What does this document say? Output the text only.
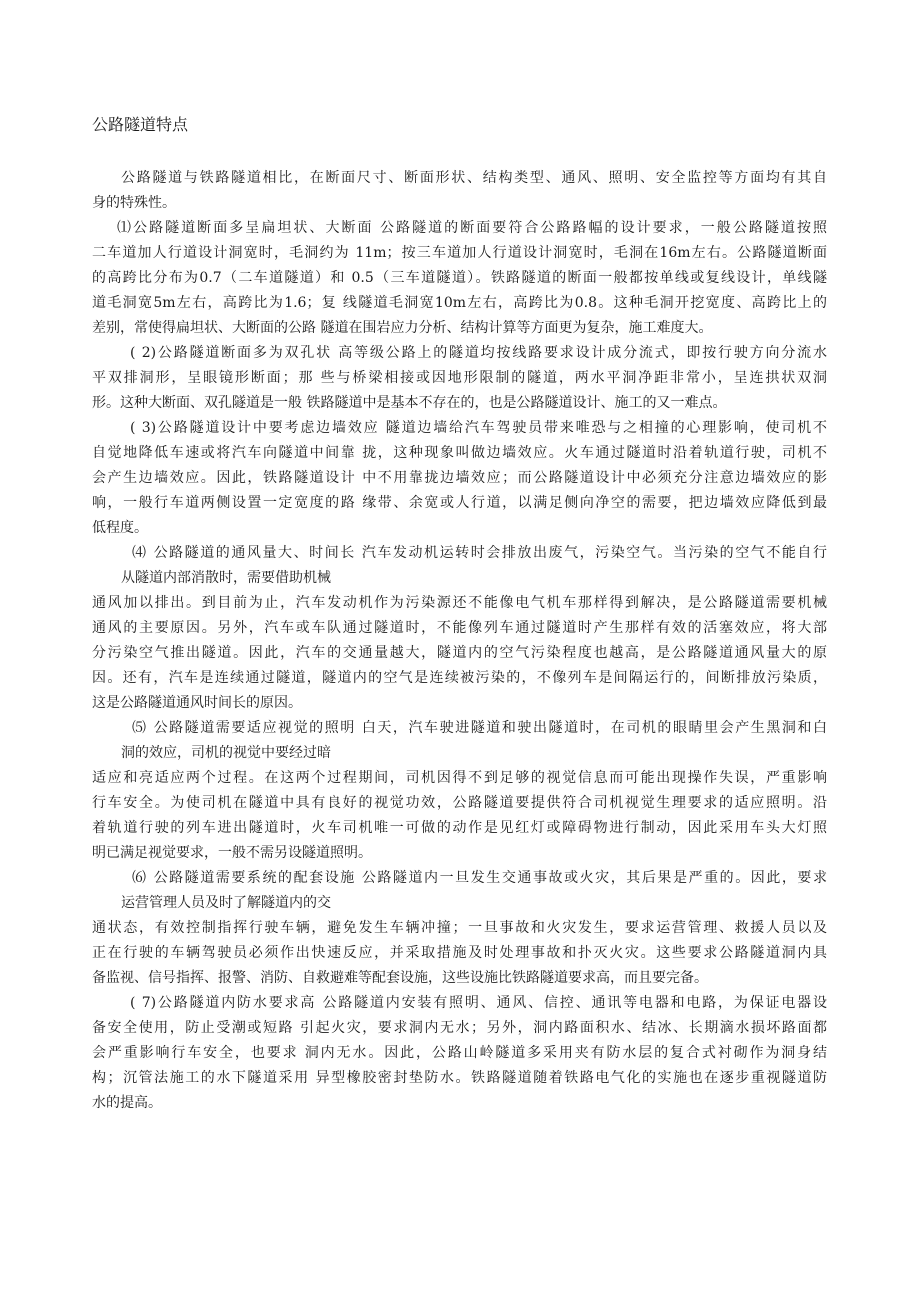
公路隧道特点

公路隧道与铁路隧道相比，在断面尺寸、断面形状、结构类型、通风、照明、安全监控等方面均有其自

身的特殊性。

⑴公路隧道断面多呈扁坦状、大断面 公路隧道的断面要符合公路路幅的设计要求，一般公路隧道按照

二车道加人行道设计洞宽时，毛洞约为 11m；按三车道加人行道设计洞宽时，毛洞在16m左右。公路隧道断面

的高跨比分布为0.7（二车道隧道）和 0.5（三车道隧道）。铁路隧道的断面一般都按单线或复线设计，单线隧

道毛洞宽5m左右，高跨比为1.6；复 线隧道毛洞宽10m左右，高跨比为0.8。这种毛洞开挖宽度、高跨比上的

差别，常使得扁坦状、大断面的公路 隧道在围岩应力分析、结构计算等方面更为复杂，施工难度大。

( 2)公路隧道断面多为双孔状 高等级公路上的隧道均按线路要求设计成分流式，即按行驶方向分流水

平双排洞形，呈眼镜形断面；那 些与桥梁相接或因地形限制的隧道，两水平洞净距非常小，呈连拱状双洞

形。这种大断面、双孔隧道是一般 铁路隧道中是基本不存在的，也是公路隧道设计、施工的又一难点。

( 3)公路隧道设计中要考虑边墙效应 隧道边墙给汽车驾驶员带来唯恐与之相撞的心理影响，使司机不

自觉地降低车速或将汽车向隧道中间靠 拢，这种现象叫做边墙效应。火车通过隧道时沿着轨道行驶，司机不

会产生边墙效应。因此，铁路隧道设计 中不用靠拢边墙效应；而公路隧道设计中必须充分注意边墙效应的影

响，一般行车道两侧设置一定宽度的路 缘带、余宽或人行道，以满足侧向净空的需要，把边墙效应降低到最

低程度。

⑷ 公路隧道的通风量大、时间长 汽车发动机运转时会排放出废气，污染空气。当污染的空气不能自行

从隧道内部消散时，需要借助机械

通风加以排出。到目前为止，汽车发动机作为污染源还不能像电气机车那样得到解决，是公路隧道需要机械

通风的主要原因。另外，汽车或车队通过隧道时，不能像列车通过隧道时产生那样有效的活塞效应，将大部

分污染空气推出隧道。因此，汽车的交通量越大，隧道内的空气污染程度也越高，是公路隧道通风量大的原

因。还有，汽车是连续通过隧道，隧道内的空气是连续被污染的，不像列车是间隔运行的，间断排放污染质，

这是公路隧道通风时间长的原因。

⑸ 公路隧道需要适应视觉的照明 白天，汽车驶进隧道和驶出隧道时，在司机的眼睛里会产生黑洞和白

洞的效应，司机的视觉中要经过暗

适应和亮适应两个过程。在这两个过程期间，司机因得不到足够的视觉信息而可能出现操作失误，严重影响

行车安全。为使司机在隧道中具有良好的视觉功效，公路隧道要提供符合司机视觉生理要求的适应照明。沿

着轨道行驶的列车进出隧道时，火车司机唯一可做的动作是见红灯或障碍物进行制动，因此采用车头大灯照

明已满足视觉要求，一般不需另设隧道照明。

⑹ 公路隧道需要系统的配套设施 公路隧道内一旦发生交通事故或火灾，其后果是严重的。因此，要求

运营管理人员及时了解隧道内的交

通状态，有效控制指挥行驶车辆，避免发生车辆冲撞；一旦事故和火灾发生，要求运营管理、救援人员以及

正在行驶的车辆驾驶员必须作出快速反应，并采取措施及时处理事故和扑灭火灾。这些要求公路隧道洞内具

备监视、信号指挥、报警、消防、自救避难等配套设施，这些设施比铁路隧道要求高，而且要完备。

( 7)公路隧道内防水要求高 公路隧道内安装有照明、通风、信控、通讯等电器和电路，为保证电器设

备安全使用，防止受潮或短路 引起火灾，要求洞内无水；另外，洞内路面积水、结冰、长期滴水损坏路面都

会严重影响行车安全，也要求 洞内无水。因此，公路山岭隧道多采用夹有防水层的复合式衬砌作为洞身结

构；沉管法施工的水下隧道采用 异型橡胶密封垫防水。铁路隧道随着铁路电气化的实施也在逐步重视隧道防

水的提高。
